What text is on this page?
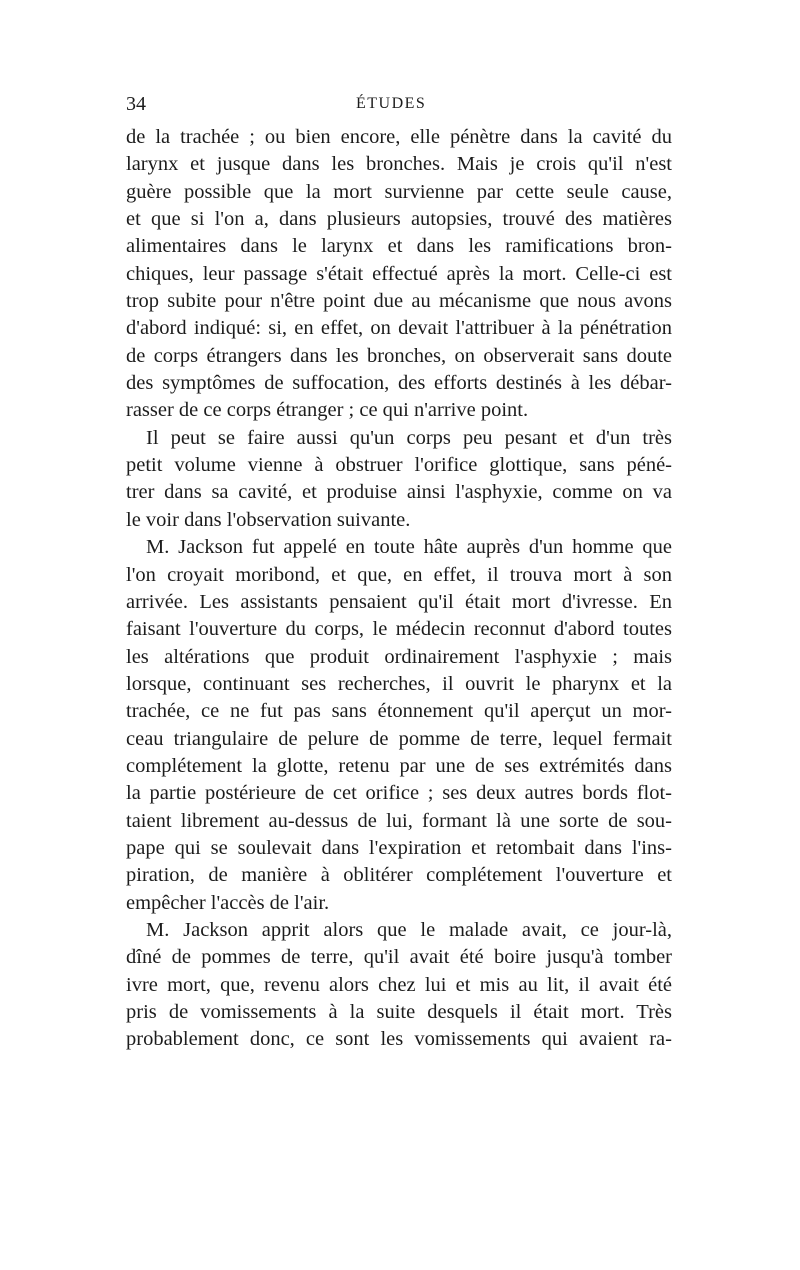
34	ÉTUDES
de la trachée ; ou bien encore, elle pénètre dans la cavité du
larynx et jusque dans les bronches. Mais je crois qu'il n'est
guère possible que la mort survienne par cette seule cause,
et que si l'on a, dans plusieurs autopsies, trouvé des matières
alimentaires dans le larynx et dans les ramifications bron-
chiques, leur passage s'était effectué après la mort. Celle-ci est
trop subite pour n'être point due au mécanisme que nous avons
d'abord indiqué: si, en effet, on devait l'attribuer à la pénétration
de corps étrangers dans les bronches, on observerait sans doute
des symptômes de suffocation, des efforts destinés à les débar-
rasser de ce corps étranger ; ce qui n'arrive point.
Il peut se faire aussi qu'un corps peu pesant et d'un très
petit volume vienne à obstruer l'orifice glottique, sans péné-
trer dans sa cavité, et produise ainsi l'asphyxie, comme on va
le voir dans l'observation suivante.
M. Jackson fut appelé en toute hâte auprès d'un homme que
l'on croyait moribond, et que, en effet, il trouva mort à son
arrivée. Les assistants pensaient qu'il était mort d'ivresse. En
faisant l'ouverture du corps, le médecin reconnut d'abord toutes
les altérations que produit ordinairement l'asphyxie ; mais
lorsque, continuant ses recherches, il ouvrit le pharynx et la
trachée, ce ne fut pas sans étonnement qu'il aperçut un mor-
ceau triangulaire de pelure de pomme de terre, lequel fermait
complétement la glotte, retenu par une de ses extrémités dans
la partie postérieure de cet orifice ; ses deux autres bords flot-
taient librement au-dessus de lui, formant là une sorte de sou-
pape qui se soulevait dans l'expiration et retombait dans l'ins-
piration, de manière à oblitérer complétement l'ouverture et
empêcher l'accès de l'air.
M. Jackson apprit alors que le malade avait, ce jour-là,
dîné de pommes de terre, qu'il avait été boire jusqu'à tomber
ivre mort, que, revenu alors chez lui et mis au lit, il avait été
pris de vomissements à la suite desquels il était mort. Très
probablement donc, ce sont les vomissements qui avaient ra-
